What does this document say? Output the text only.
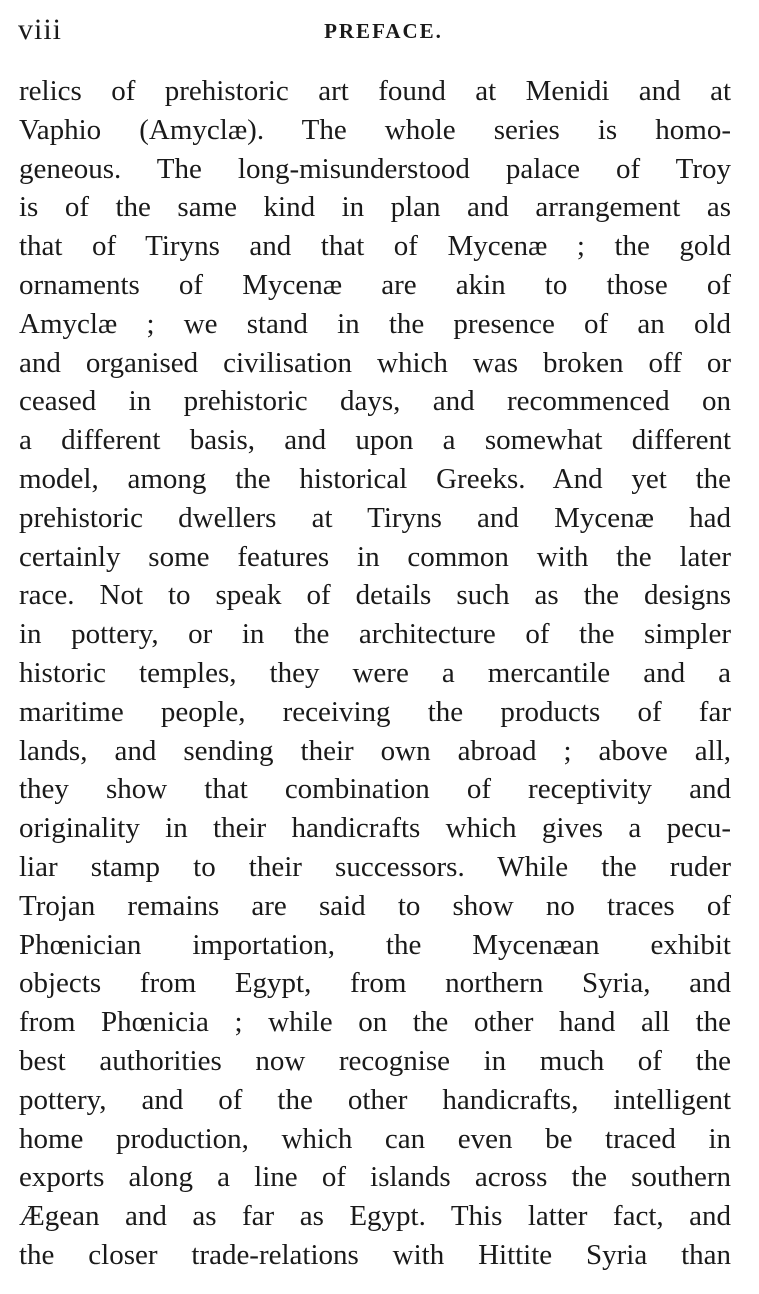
viii	PREFACE.
relics of prehistoric art found at Menidi and at
Vaphio (Amyclæ). The whole series is homo-
geneous. The long-misunderstood palace of Troy
is of the same kind in plan and arrangement as
that of Tiryns and that of Mycenæ ; the gold
ornaments of Mycenæ are akin to those of
Amyclæ ; we stand in the presence of an old
and organised civilisation which was broken off or
ceased in prehistoric days, and recommenced on
a different basis, and upon a somewhat different
model, among the historical Greeks. And yet the
prehistoric dwellers at Tiryns and Mycenæ had
certainly some features in common with the later
race. Not to speak of details such as the designs
in pottery, or in the architecture of the simpler
historic temples, they were a mercantile and a
maritime people, receiving the products of far
lands, and sending their own abroad ; above all,
they show that combination of receptivity and
originality in their handicrafts which gives a pecu-
liar stamp to their successors. While the ruder
Trojan remains are said to show no traces of
Phœnician importation, the Mycenæan exhibit
objects from Egypt, from northern Syria, and
from Phœnicia ; while on the other hand all the
best authorities now recognise in much of the
pottery, and of the other handicrafts, intelligent
home production, which can even be traced in
exports along a line of islands across the southern
Ægean and as far as Egypt. This latter fact, and
the closer trade-relations with Hittite Syria than
